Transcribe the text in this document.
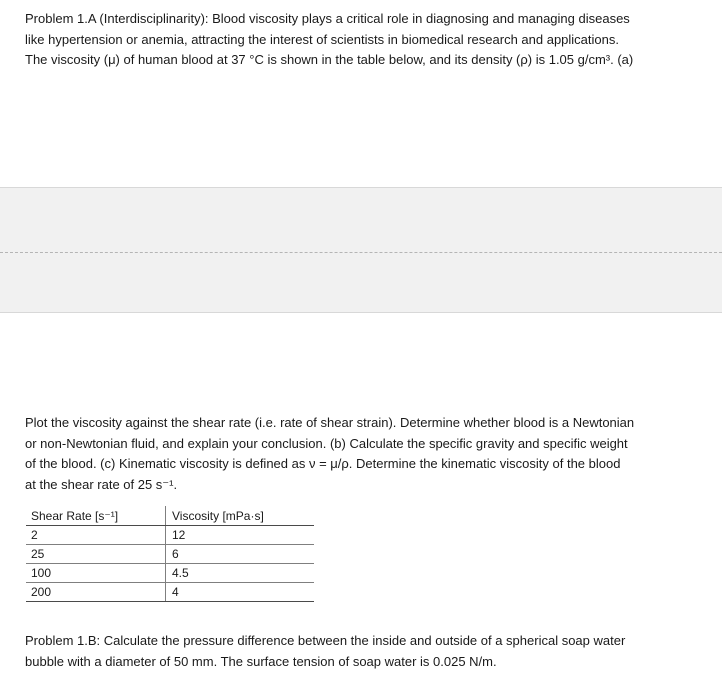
Problem 1.A (Interdisciplinarity): Blood viscosity plays a critical role in diagnosing and managing diseases
like hypertension or anemia, attracting the interest of scientists in biomedical research and applications.
The viscosity (μ) of human blood at 37 °C is shown in the table below, and its density (ρ) is 1.05 g/cm³. (a)

Plot the viscosity against the shear rate (i.e. rate of shear strain). Determine whether blood is a Newtonian
or non-Newtonian fluid, and explain your conclusion. (b) Calculate the specific gravity and specific weight
of the blood. (c) Kinematic viscosity is defined as ν = μ/ρ. Determine the kinematic viscosity of the blood
at the shear rate of 25 s⁻¹.

Shear Rate [s⁻¹]	Viscosity [mPa·s]
2	12
25	6
100	4.5
200	4

Problem 1.B: Calculate the pressure difference between the inside and outside of a spherical soap water
bubble with a diameter of 50 mm. The surface tension of soap water is 0.025 N/m.
